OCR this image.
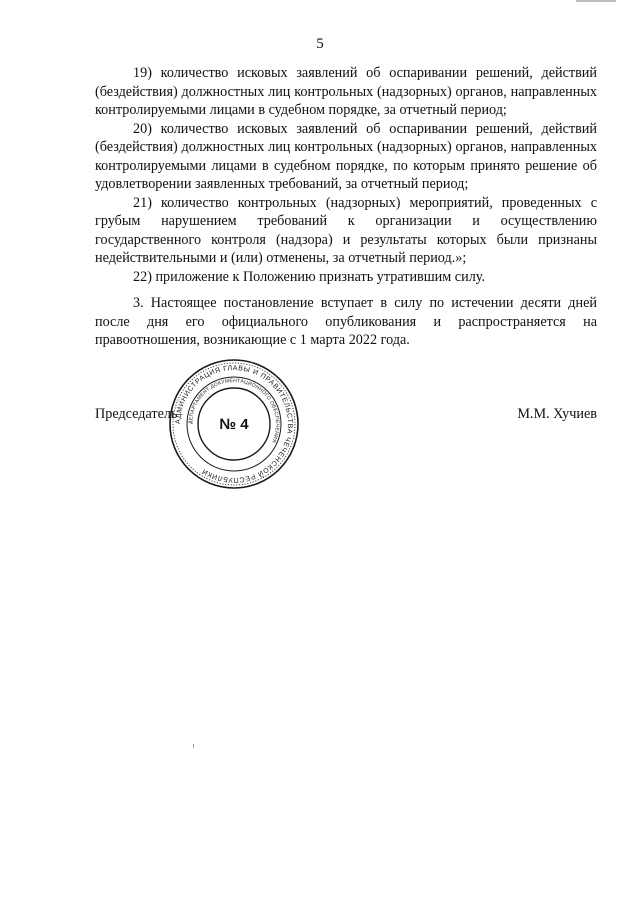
5

19) количество исковых заявлений об оспаривании решений, действий (бездействия) должностных лиц контрольных (надзорных) органов, направленных контролируемыми лицами в судебном порядке, за отчетный период;

20) количество исковых заявлений об оспаривании решений, действий (бездействия) должностных лиц контрольных (надзорных) органов, направленных контролируемыми лицами в судебном порядке, по которым принято решение об удовлетворении заявленных требований, за отчетный период;

21) количество контрольных (надзорных) мероприятий, проведенных с грубым нарушением требований к организации и осуществлению государственного контроля (надзора) и результаты которых были признаны недействительными и (или) отменены, за отчетный период.»;

22) приложение к Положению признать утратившим силу.

3. Настоящее постановление вступает в силу по истечении десяти дней после дня его официального опубликования и распространяется на правоотношения, возникающие с 1 марта 2022 года.

Председатель	М.М. Хучиев
АДМИНИСТРАЦИЯ ГЛАВЫ И ПРАВИТЕЛЬСТВА ЧЕЧЕНСКОЙ РЕСПУБЛИКИ
ДЕПАРТАМЕНТ ДОКУМЕНТАЦИОННОГО ОБЕСПЕЧЕНИЯ
№ 4
